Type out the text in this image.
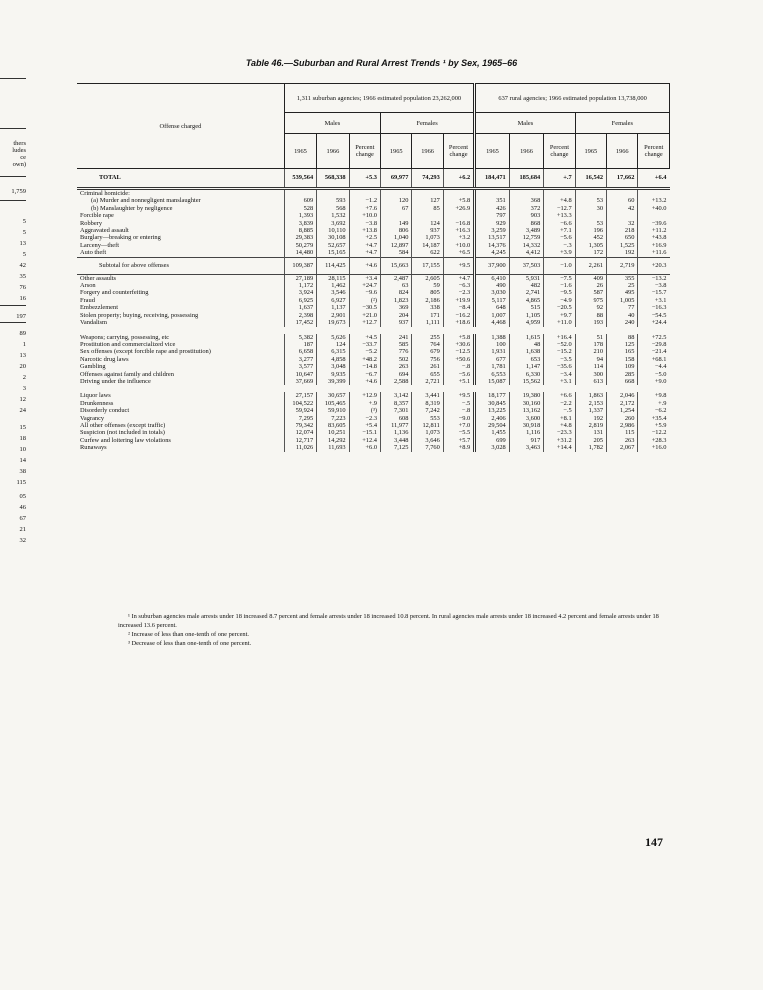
thers
ludes
ce
own)
1,759
5
5
13
5
42
35
76
16
197
89
1
13
20
2
3
12
24
15
18
10
14
38
115
05
46
67
21
32
Table 46.—Suburban and Rural Arrest Trends ¹ by Sex, 1965–66
Offense charged	1,311 suburban agencies; 1966 estimated population 23,262,000						637 rural agencies; 1966 estimated population 13,738,000					
	Males			Females			Males			Females		
	1965	1966	Percent change	1965	1966	Percent change	1965	1966	Percent change	1965	1966	Percent change
TOTAL	539,564	568,338	+5.3	69,977	74,293	+6.2	184,471	185,684	+.7	16,542	17,662	+6.4
Criminal homicide:												
(a) Murder and nonnegligent manslaughter	609	593	−1.2	120	127	+5.8	351	368	+4.8	53	60	+13.2
(b) Manslaughter by negligence	528	568	+7.6	67	85	+26.9	426	372	−12.7	30	42	+40.0
Forcible rape	1,393	1,532	+10.0				797	903	+13.3			
Robbery	3,839	3,692	−3.8	149	124	−16.8	929	868	−6.6	53	32	−39.6
Aggravated assault	8,885	10,110	+13.8	806	937	+16.3	3,259	3,489	+7.1	196	218	+11.2
Burglary—breaking or entering	29,383	30,108	+2.5	1,040	1,073	+3.2	13,517	12,759	−5.6	452	650	+43.8
Larceny—theft	50,279	52,657	+4.7	12,897	14,187	+10.0	14,376	14,332	−.3	1,305	1,525	+16.9
Auto theft	14,480	15,165	+4.7	584	622	+6.5	4,245	4,412	+3.9	172	192	+11.6
Subtotal for above offenses	109,387	114,425	+4.6	15,663	17,155	+9.5	37,900	37,503	−1.0	2,261	2,719	+20.3
Other assaults	27,189	28,115	+3.4	2,487	2,605	+4.7	6,410	5,931	−7.5	409	355	−13.2
Arson	1,172	1,462	+24.7	63	59	−6.3	490	482	−1.6	26	25	−3.8
Forgery and counterfeiting	3,924	3,546	−9.6	824	805	−2.3	3,030	2,741	−9.5	587	495	−15.7
Fraud	6,925	6,927	(²)	1,823	2,186	+19.9	5,117	4,865	−4.9	975	1,005	+3.1
Embezzlement	1,637	1,137	−30.5	369	338	−8.4	648	515	−20.5	92	77	−16.3
Stolen property; buying, receiving, possessing	2,398	2,901	+21.0	204	171	−16.2	1,007	1,105	+9.7	88	40	−54.5
Vandalism	17,452	19,673	+12.7	937	1,111	+18.6	4,468	4,959	+11.0	193	240	+24.4

Weapons; carrying, possessing, etc	5,382	5,626	+4.5	241	255	+5.8	1,388	1,615	+16.4	51	88	+72.5
Prostitution and commercialized vice	187	124	−33.7	585	764	+30.6	100	48	−52.0	178	125	−29.8
Sex offenses (except forcible rape and prostitution)	6,658	6,315	−5.2	776	679	−12.5	1,931	1,638	−15.2	210	165	−21.4
Narcotic drug laws	3,277	4,858	+48.2	502	756	+50.6	677	653	−3.5	94	158	+68.1
Gambling	3,577	3,048	−14.8	263	261	−.8	1,781	1,147	−35.6	114	109	−4.4
Offenses against family and children	10,647	9,935	−6.7	694	655	−5.6	6,553	6,330	−3.4	300	285	−5.0
Driving under the influence	37,669	39,399	+4.6	2,588	2,721	+5.1	15,087	15,562	+3.1	613	668	+9.0

Liquor laws	27,157	30,657	+12.9	3,142	3,441	+9.5	18,177	19,380	+6.6	1,863	2,046	+9.8
Drunkenness	104,522	105,465	+.9	8,357	8,319	−.5	30,845	30,160	−2.2	2,153	2,172	+.9
Disorderly conduct	59,924	59,910	(³)	7,301	7,242	−.8	13,225	13,162	−.5	1,337	1,254	−6.2
Vagrancy	7,295	7,223	−2.3	608	553	−9.0	2,406	3,600	+8.1	192	260	+35.4
All other offenses (except traffic)	79,342	83,605	+5.4	11,977	12,811	+7.0	29,504	30,918	+4.8	2,819	2,986	+5.9
Suspicion (not included in totals)	12,074	10,251	−15.1	1,136	1,073	−5.5	1,455	1,116	−23.3	131	115	−12.2
Curfew and loitering law violations	12,717	14,292	+12.4	3,448	3,646	+5.7	699	917	+31.2	205	263	+28.3
Runaways	11,026	11,693	+6.0	7,125	7,760	+8.9	3,028	3,463	+14.4	1,782	2,067	+16.0

¹ In suburban agencies male arrests under 18 increased 8.7 percent and female arrests under 18 increased 10.8 percent. In rural agencies male arrests under 18 increased 4.2 percent and female arrests under 18 increased 13.6 percent.

² Increase of less than one-tenth of one percent.

³ Decrease of less than one-tenth of one percent.

147
